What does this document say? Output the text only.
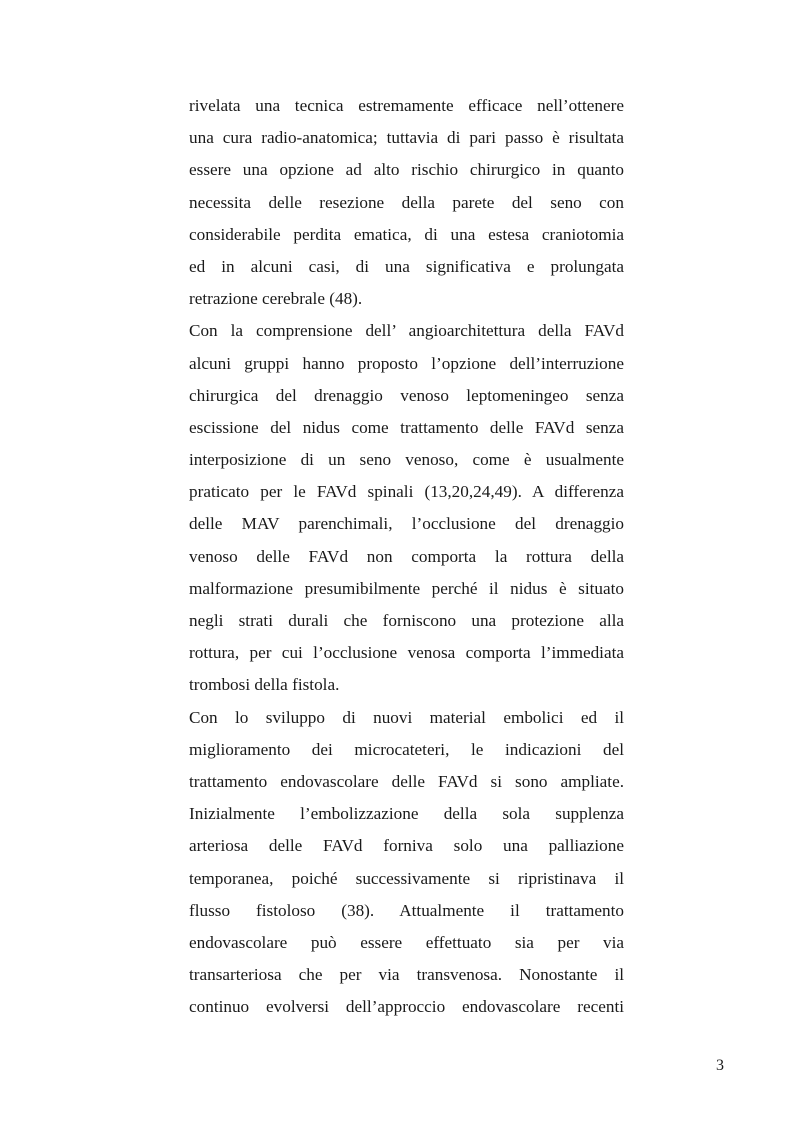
rivelata una tecnica estremamente efficace nell’ottenere
una cura radio-anatomica; tuttavia di pari passo è risultata
essere una opzione ad alto rischio chirurgico in quanto
necessita delle resezione della parete del seno con
considerabile perdita ematica, di una estesa craniotomia
ed in alcuni casi, di una significativa e prolungata
retrazione cerebrale (48).
Con la comprensione dell’ angioarchitettura della FAVd
alcuni gruppi hanno proposto l’opzione dell’interruzione
chirurgica del drenaggio venoso leptomeningeo senza
escissione del nidus come trattamento delle FAVd senza
interposizione di un seno venoso, come è usualmente
praticato per le FAVd spinali (13,20,24,49). A differenza
delle MAV parenchimali, l’occlusione del drenaggio
venoso delle FAVd non comporta la rottura della
malformazione presumibilmente perché il nidus è situato
negli strati durali che forniscono una protezione alla
rottura, per cui l’occlusione venosa comporta l’immediata
trombosi della fistola.
Con lo sviluppo di nuovi material embolici ed il
miglioramento dei microcateteri, le indicazioni del
trattamento endovascolare delle FAVd si sono ampliate.
Inizialmente l’embolizzazione della sola supplenza
arteriosa delle FAVd forniva solo una palliazione
temporanea, poiché successivamente si ripristinava il
flusso fistoloso (38). Attualmente il trattamento
endovascolare può essere effettuato sia per via
transarteriosa che per via transvenosa. Nonostante il
continuo evolversi dell’approccio endovascolare recenti
3
